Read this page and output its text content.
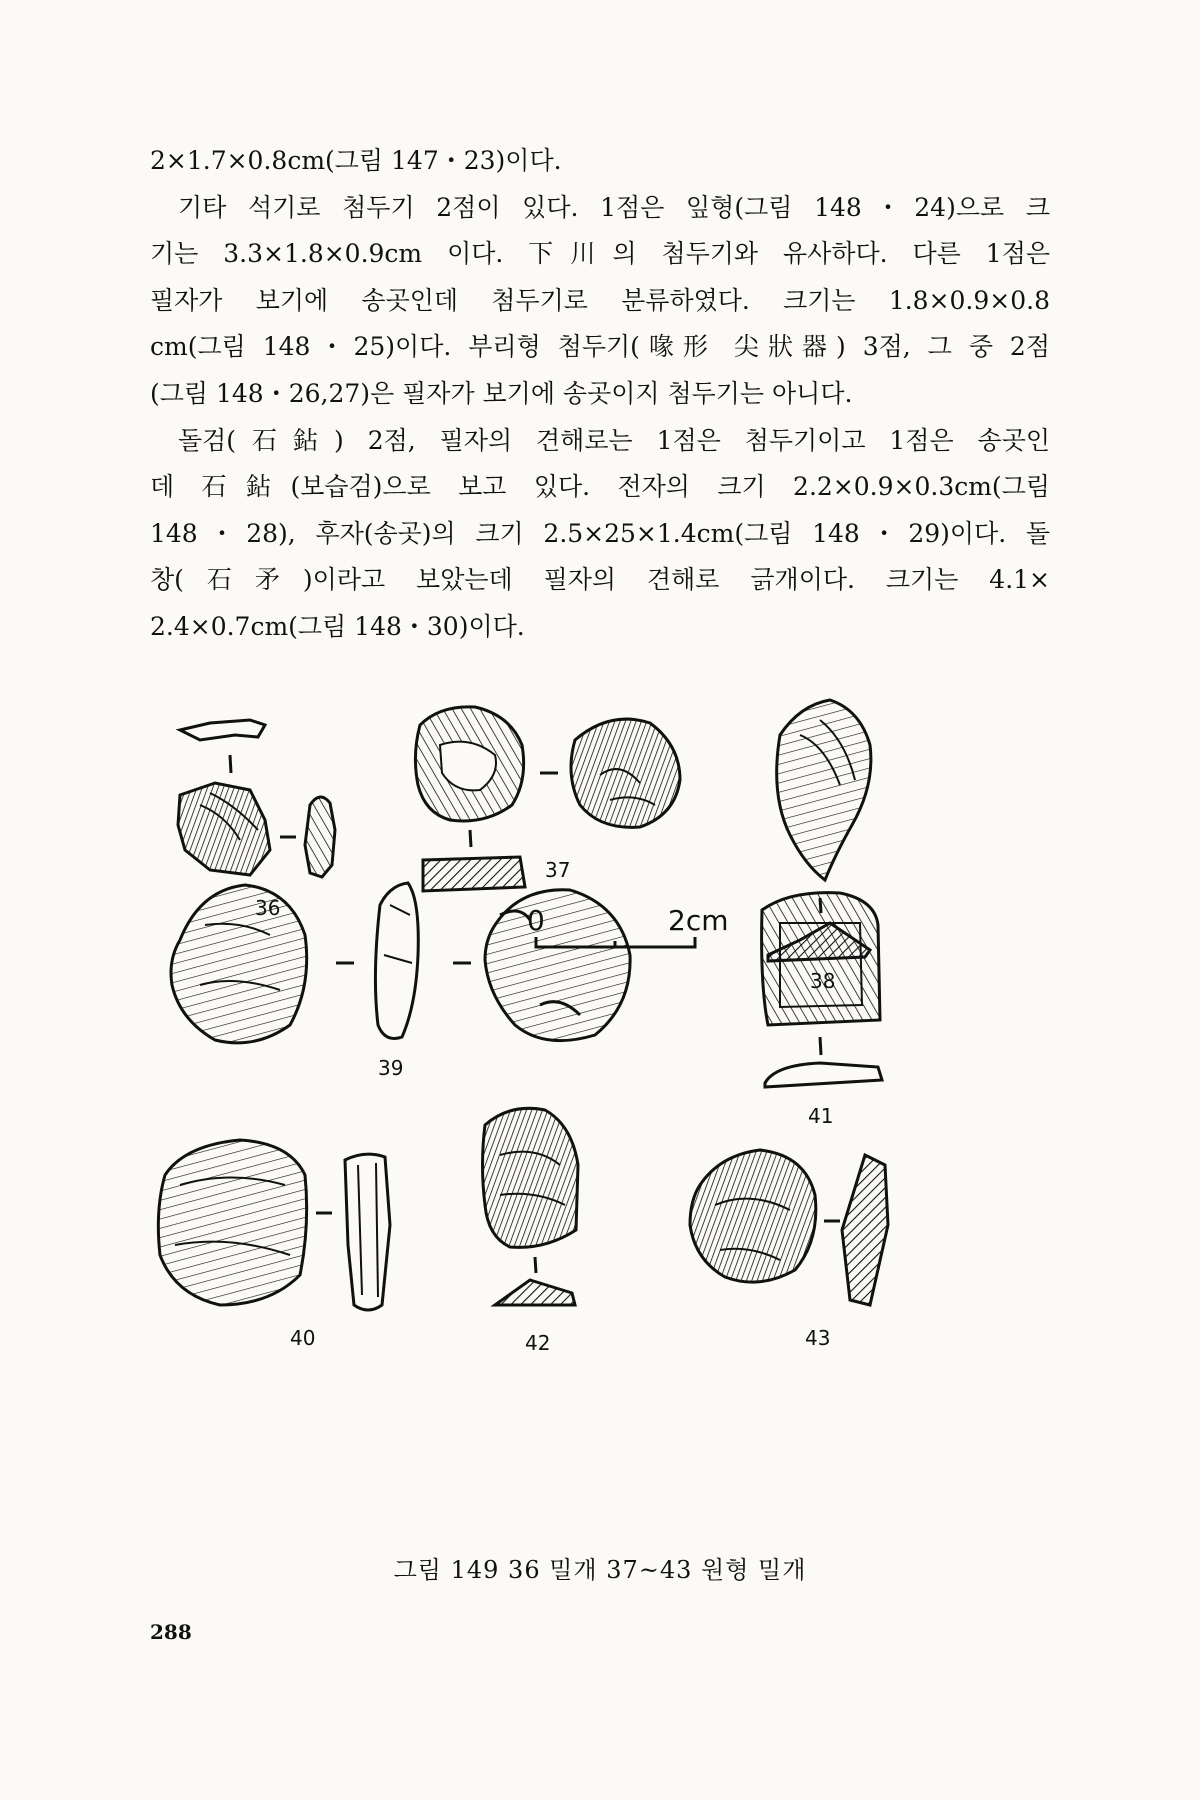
2×1.7×0.8cm(그림 147・23)이다.
기타 석기로 첨두기 2점이 있다. 1점은 잎형(그림 148・24)으로 크
기는 3.3×1.8×0.9cm 이다. 下川의 첨두기와 유사하다. 다른 1점은
필자가 보기에 송곳인데 첨두기로 분류하였다. 크기는 1.8×0.9×0.8
cm(그림 148・25)이다. 부리형 첨두기(喙形 尖狀器) 3점, 그 중 2점
(그림 148・26,27)은 필자가 보기에 송곳이지 첨두기는 아니다.
돌검(石鉆) 2점, 필자의 견해로는 1점은 첨두기이고 1점은 송곳인
데 石鉆(보습검)으로 보고 있다. 전자의 크기 2.2×0.9×0.3cm(그림
148・28), 후자(송곳)의 크기 2.5×25×1.4cm(그림 148・29)이다. 돌
창(石矛)이라고 보았는데 필자의 견해로 긁개이다. 크기는 4.1×
2.4×0.7cm(그림 148・30)이다.
37
2cm
39
41
40	42	43
그림 149 36 밀개 37~43 원형 밀개
288
